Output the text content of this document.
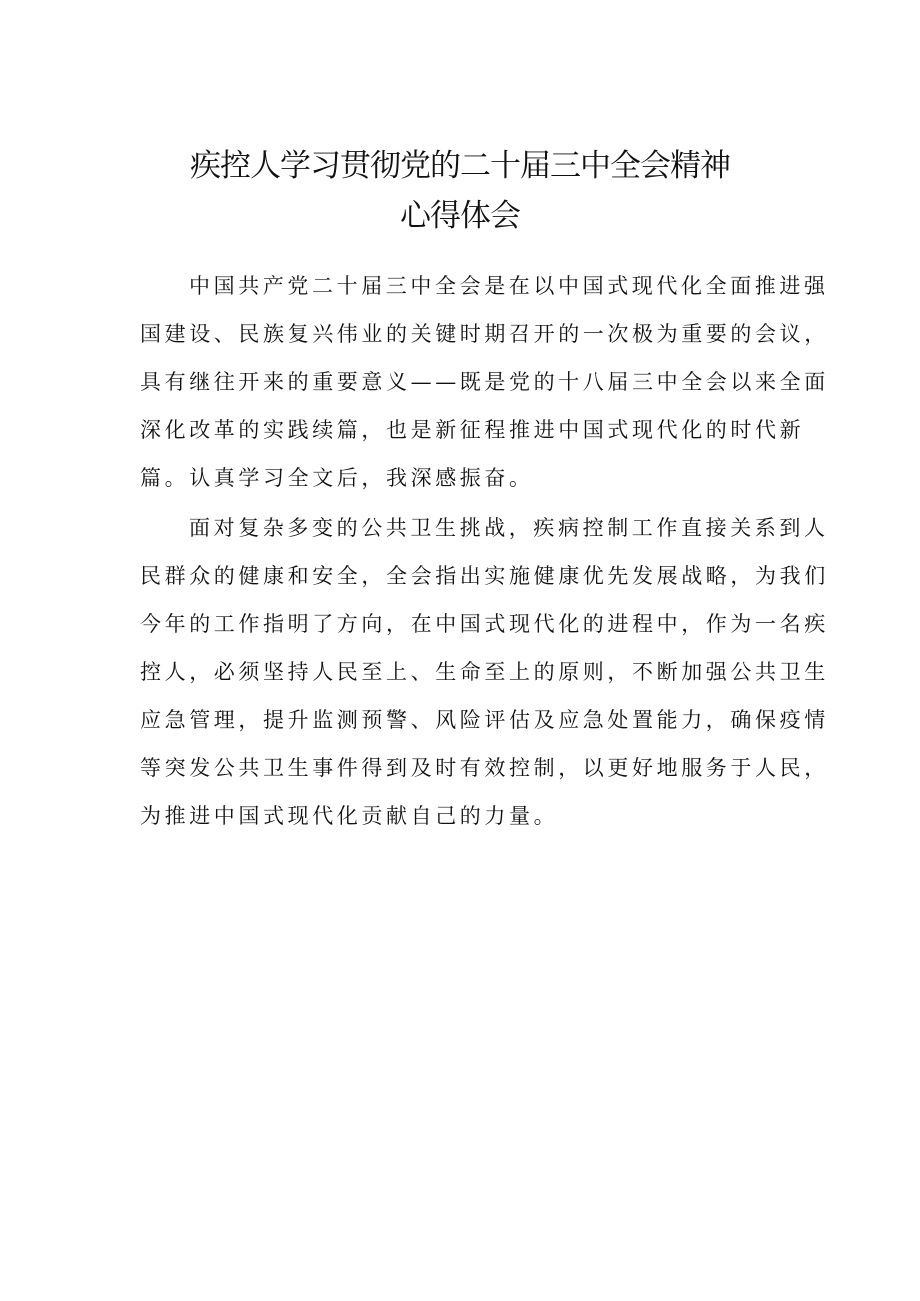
疾控人学习贯彻党的二十届三中全会精神
心得体会
中国共产党二十届三中全会是在以中国式现代化全面推进强
国建设、民族复兴伟业的关键时期召开的一次极为重要的会议，
具有继往开来的重要意义——既是党的十八届三中全会以来全面
深化改革的实践续篇，也是新征程推进中国式现代化的时代新
篇。认真学习全文后，我深感振奋。
面对复杂多变的公共卫生挑战，疾病控制工作直接关系到人
民群众的健康和安全，全会指出实施健康优先发展战略，为我们
今年的工作指明了方向，在中国式现代化的进程中，作为一名疾
控人，必须坚持人民至上、生命至上的原则，不断加强公共卫生
应急管理，提升监测预警、风险评估及应急处置能力，确保疫情
等突发公共卫生事件得到及时有效控制，以更好地服务于人民，
为推进中国式现代化贡献自己的力量。
